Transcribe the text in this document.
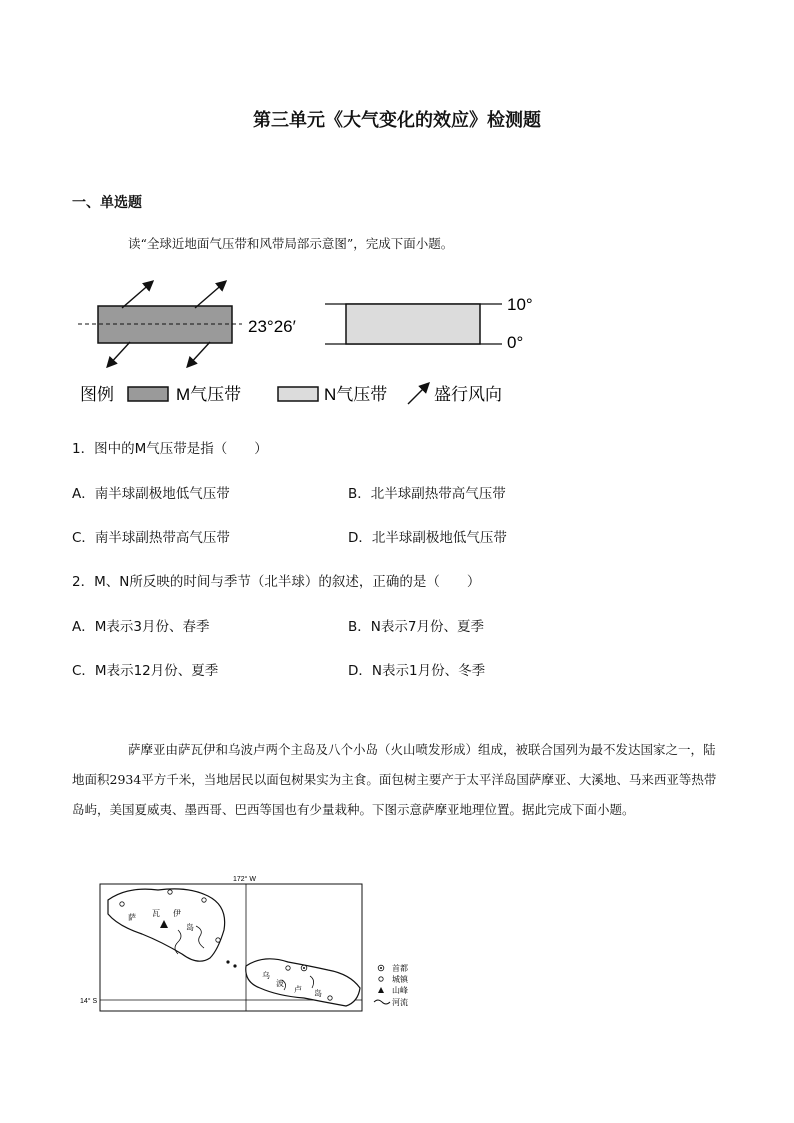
第三单元《大气变化的效应》检测题
一、单选题
读“全球近地面气压带和风带局部示意图”，完成下面小题。
23°26′
10°
0°
图例	M气压带	N气压带	盛行风向
1．图中的M气压带是指（　　）
A．南半球副极地低气压带	B．北半球副热带高气压带
C．南半球副热带高气压带	D．北半球副极地低气压带
2．M、N所反映的时间与季节（北半球）的叙述，正确的是（　　）
A．M表示3月份、春季	B．N表示7月份、夏季
C．M表示12月份、夏季	D．N表示1月份、冬季

萨摩亚由萨瓦伊和乌波卢两个主岛及八个小岛（火山喷发形成）组成，被联合国列为最不发达国家之一，陆地面积2934平方千米，当地居民以面包树果实为主食。面包树主要产于太平洋岛国萨摩亚、大溪地、马来西亚等热带岛屿，美国夏威夷、墨西哥、巴西等国也有少量栽种。下图示意萨摩亚地理位置。据此完成下面小题。

172° W
14° S
萨 瓦 伊
岛
乌
波
卢 岛
首都
城镇
山峰
河流
